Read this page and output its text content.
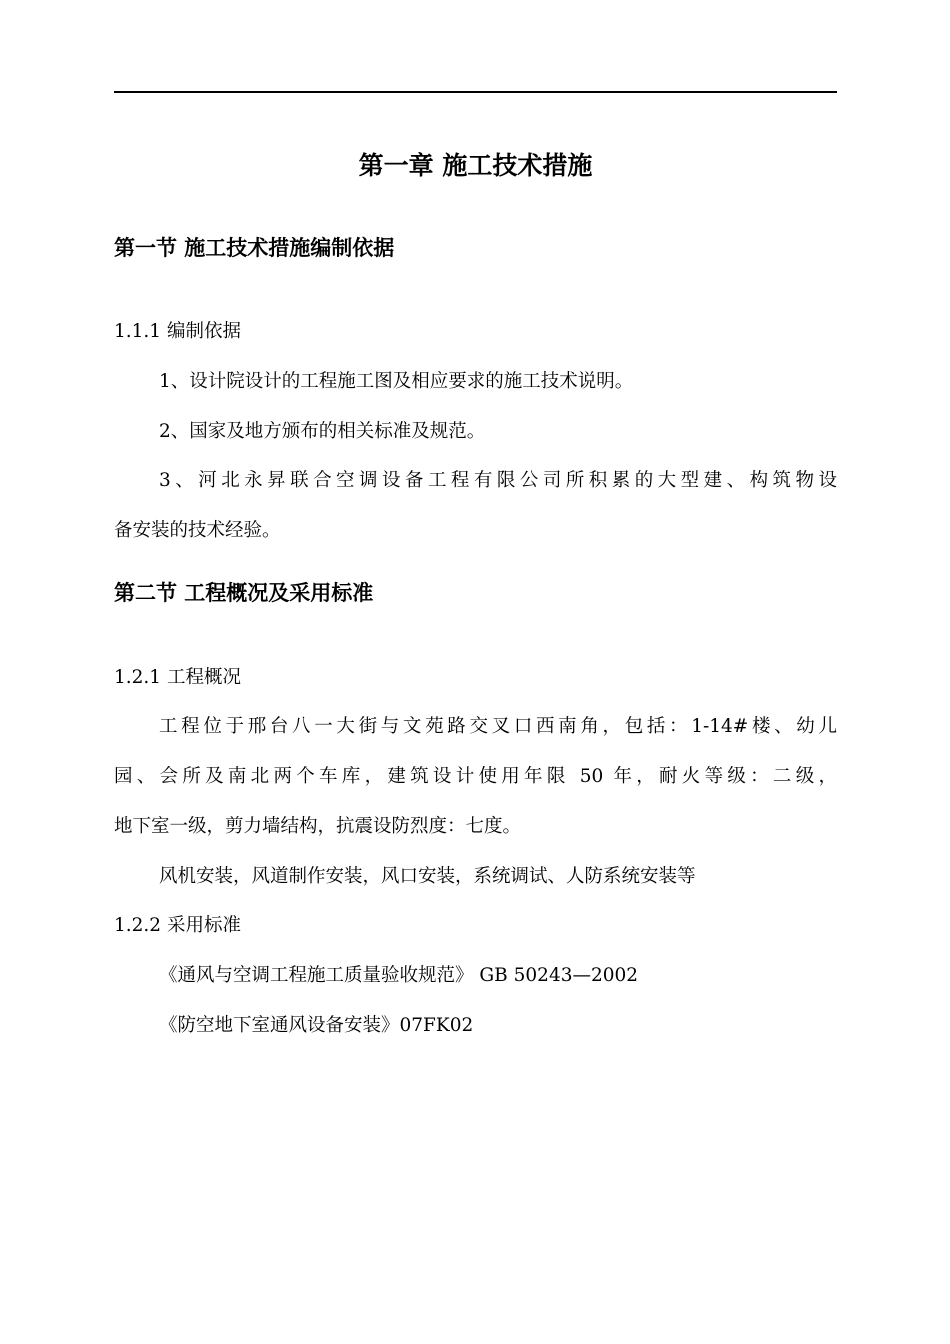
第一章 施工技术措施
第一节 施工技术措施编制依据

1.1.1 编制依据

1、设计院设计的工程施工图及相应要求的施工技术说明。

2、国家及地方颁布的相关标准及规范。

3、河北永昇联合空调设备工程有限公司所积累的大型建、构筑物设

备安装的技术经验。

第二节 工程概况及采用标准

1.2.1 工程概况

工程位于邢台八一大街与文苑路交叉口西南角，包括：1-14#楼、幼儿

园、会所及南北两个车库，建筑设计使用年限 50 年，耐火等级：二级，

地下室一级，剪力墙结构，抗震设防烈度：七度。

风机安装，风道制作安装，风口安装，系统调试、人防系统安装等

1.2.2 采用标准

《通风与空调工程施工质量验收规范》 GB 50243—2002

《防空地下室通风设备安装》07FK02
